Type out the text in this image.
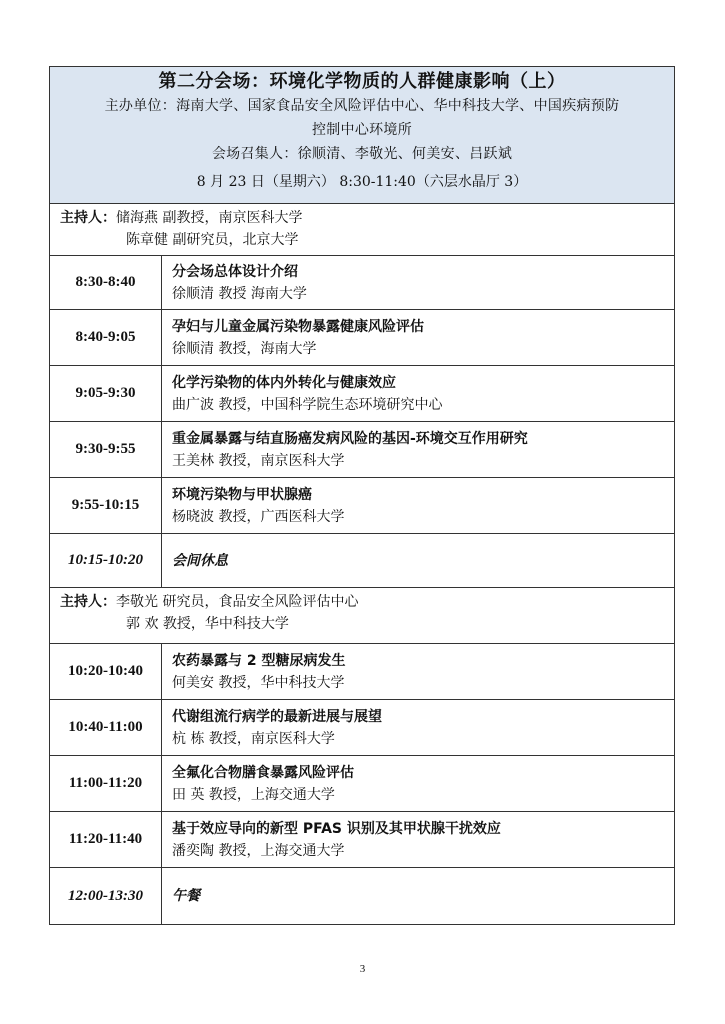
第二分会场：环境化学物质的人群健康影响（上）
主办单位：海南大学、国家食品安全风险评估中心、华中科技大学、中国疾病预防
控制中心环境所
会场召集人：徐顺清、李敬光、何美安、吕跃斌
8 月 23 日（星期六） 8:30-11:40（六层水晶厅 3）
主持人：储海燕 副教授，南京医科大学
陈章健 副研究员，北京大学
8:30-8:40
分会场总体设计介绍
徐顺清 教授 海南大学
8:40-9:05
孕妇与儿童金属污染物暴露健康风险评估
徐顺清 教授，海南大学
9:05-9:30
化学污染物的体内外转化与健康效应
曲广波 教授，中国科学院生态环境研究中心
9:30-9:55
重金属暴露与结直肠癌发病风险的基因-环境交互作用研究
王美林 教授，南京医科大学
9:55-10:15
环境污染物与甲状腺癌
杨晓波 教授，广西医科大学
10:15-10:20	会间休息
主持人：李敬光 研究员，食品安全风险评估中心
郭 欢 教授，华中科技大学
10:20-10:40
农药暴露与 2 型糖尿病发生
何美安 教授，华中科技大学
10:40-11:00
代谢组流行病学的最新进展与展望
杭 栋 教授，南京医科大学
11:00-11:20
全氟化合物膳食暴露风险评估
田 英 教授，上海交通大学
11:20-11:40
基于效应导向的新型 PFAS 识别及其甲状腺干扰效应
潘奕陶 教授，上海交通大学
12:00-13:30	午餐
3
